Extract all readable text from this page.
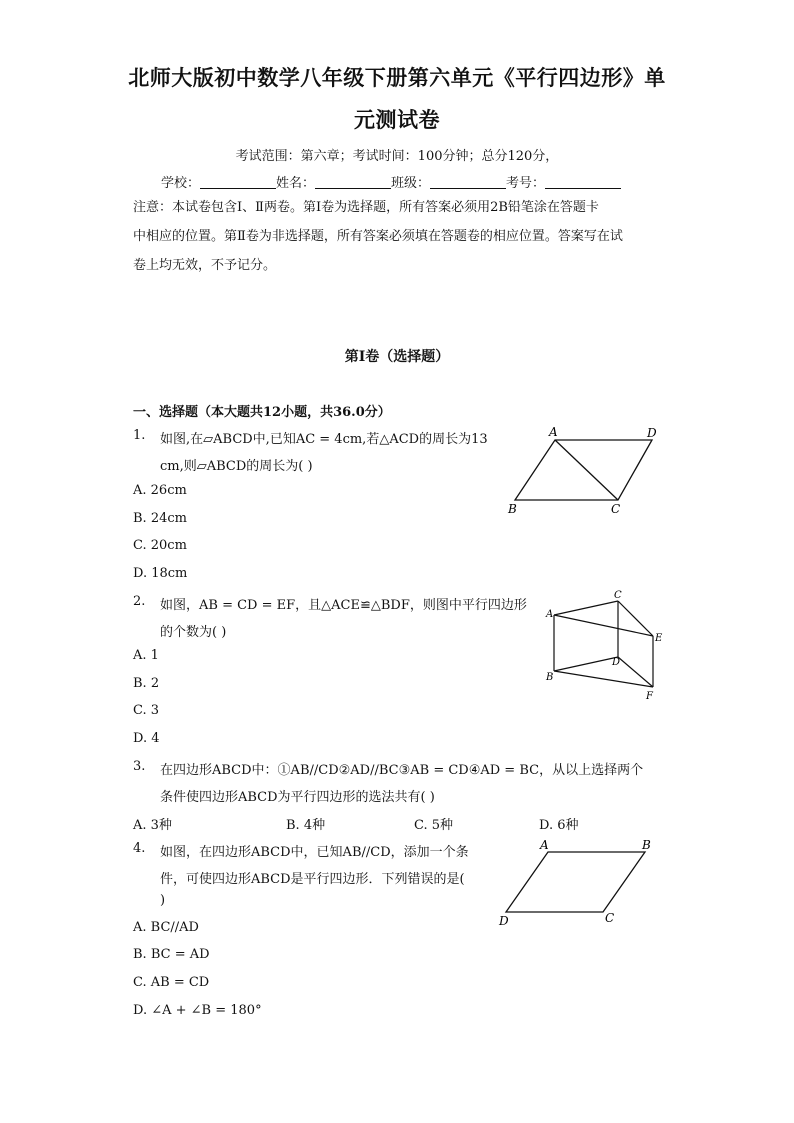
北师大版初中数学八年级下册第六单元《平行四边形》单
元测试卷
考试范围：第六章；考试时间：100分钟；总分120分，
学校：	姓名：	班级：	考号：
注意：本试卷包含Ⅰ、Ⅱ两卷。第Ⅰ卷为选择题，所有答案必须用2B铅笔涂在答题卡
中相应的位置。第Ⅱ卷为非选择题，所有答案必须填在答题卷的相应位置。答案写在试
卷上均无效，不予记分。
第Ⅰ卷（选择题）
一、选择题（本大题共12小题，共36.0分）
1. 如图,在▱ABCD中,已知AC = 4cm,若△ACD的周长为13
cm,则▱ABCD的周长为( )
A. 26cm
B. 24cm
C. 20cm
D. 18cm
A	D
B	C
2. 如图，AB = CD = EF，且△ACE≌△BDF，则图中平行四边形
的个数为( )
A. 1
B. 2
C. 3
D. 4
C
A
E
D
B
F
3. 在四边形ABCD中：①AB//CD②AD//BC③AB = CD④AD = BC，从以上选择两个
条件使四边形ABCD为平行四边形的选法共有( )
A. 3种	B. 4种	C. 5种	D. 6种
4. 如图，在四边形ABCD中，已知AB//CD，添加一个条
件，可使四边形ABCD是平行四边形．下列错误的是(
)
A. BC//AD
B. BC = AD
C. AB = CD
D. ∠A + ∠B = 180°
A	B
D	C
